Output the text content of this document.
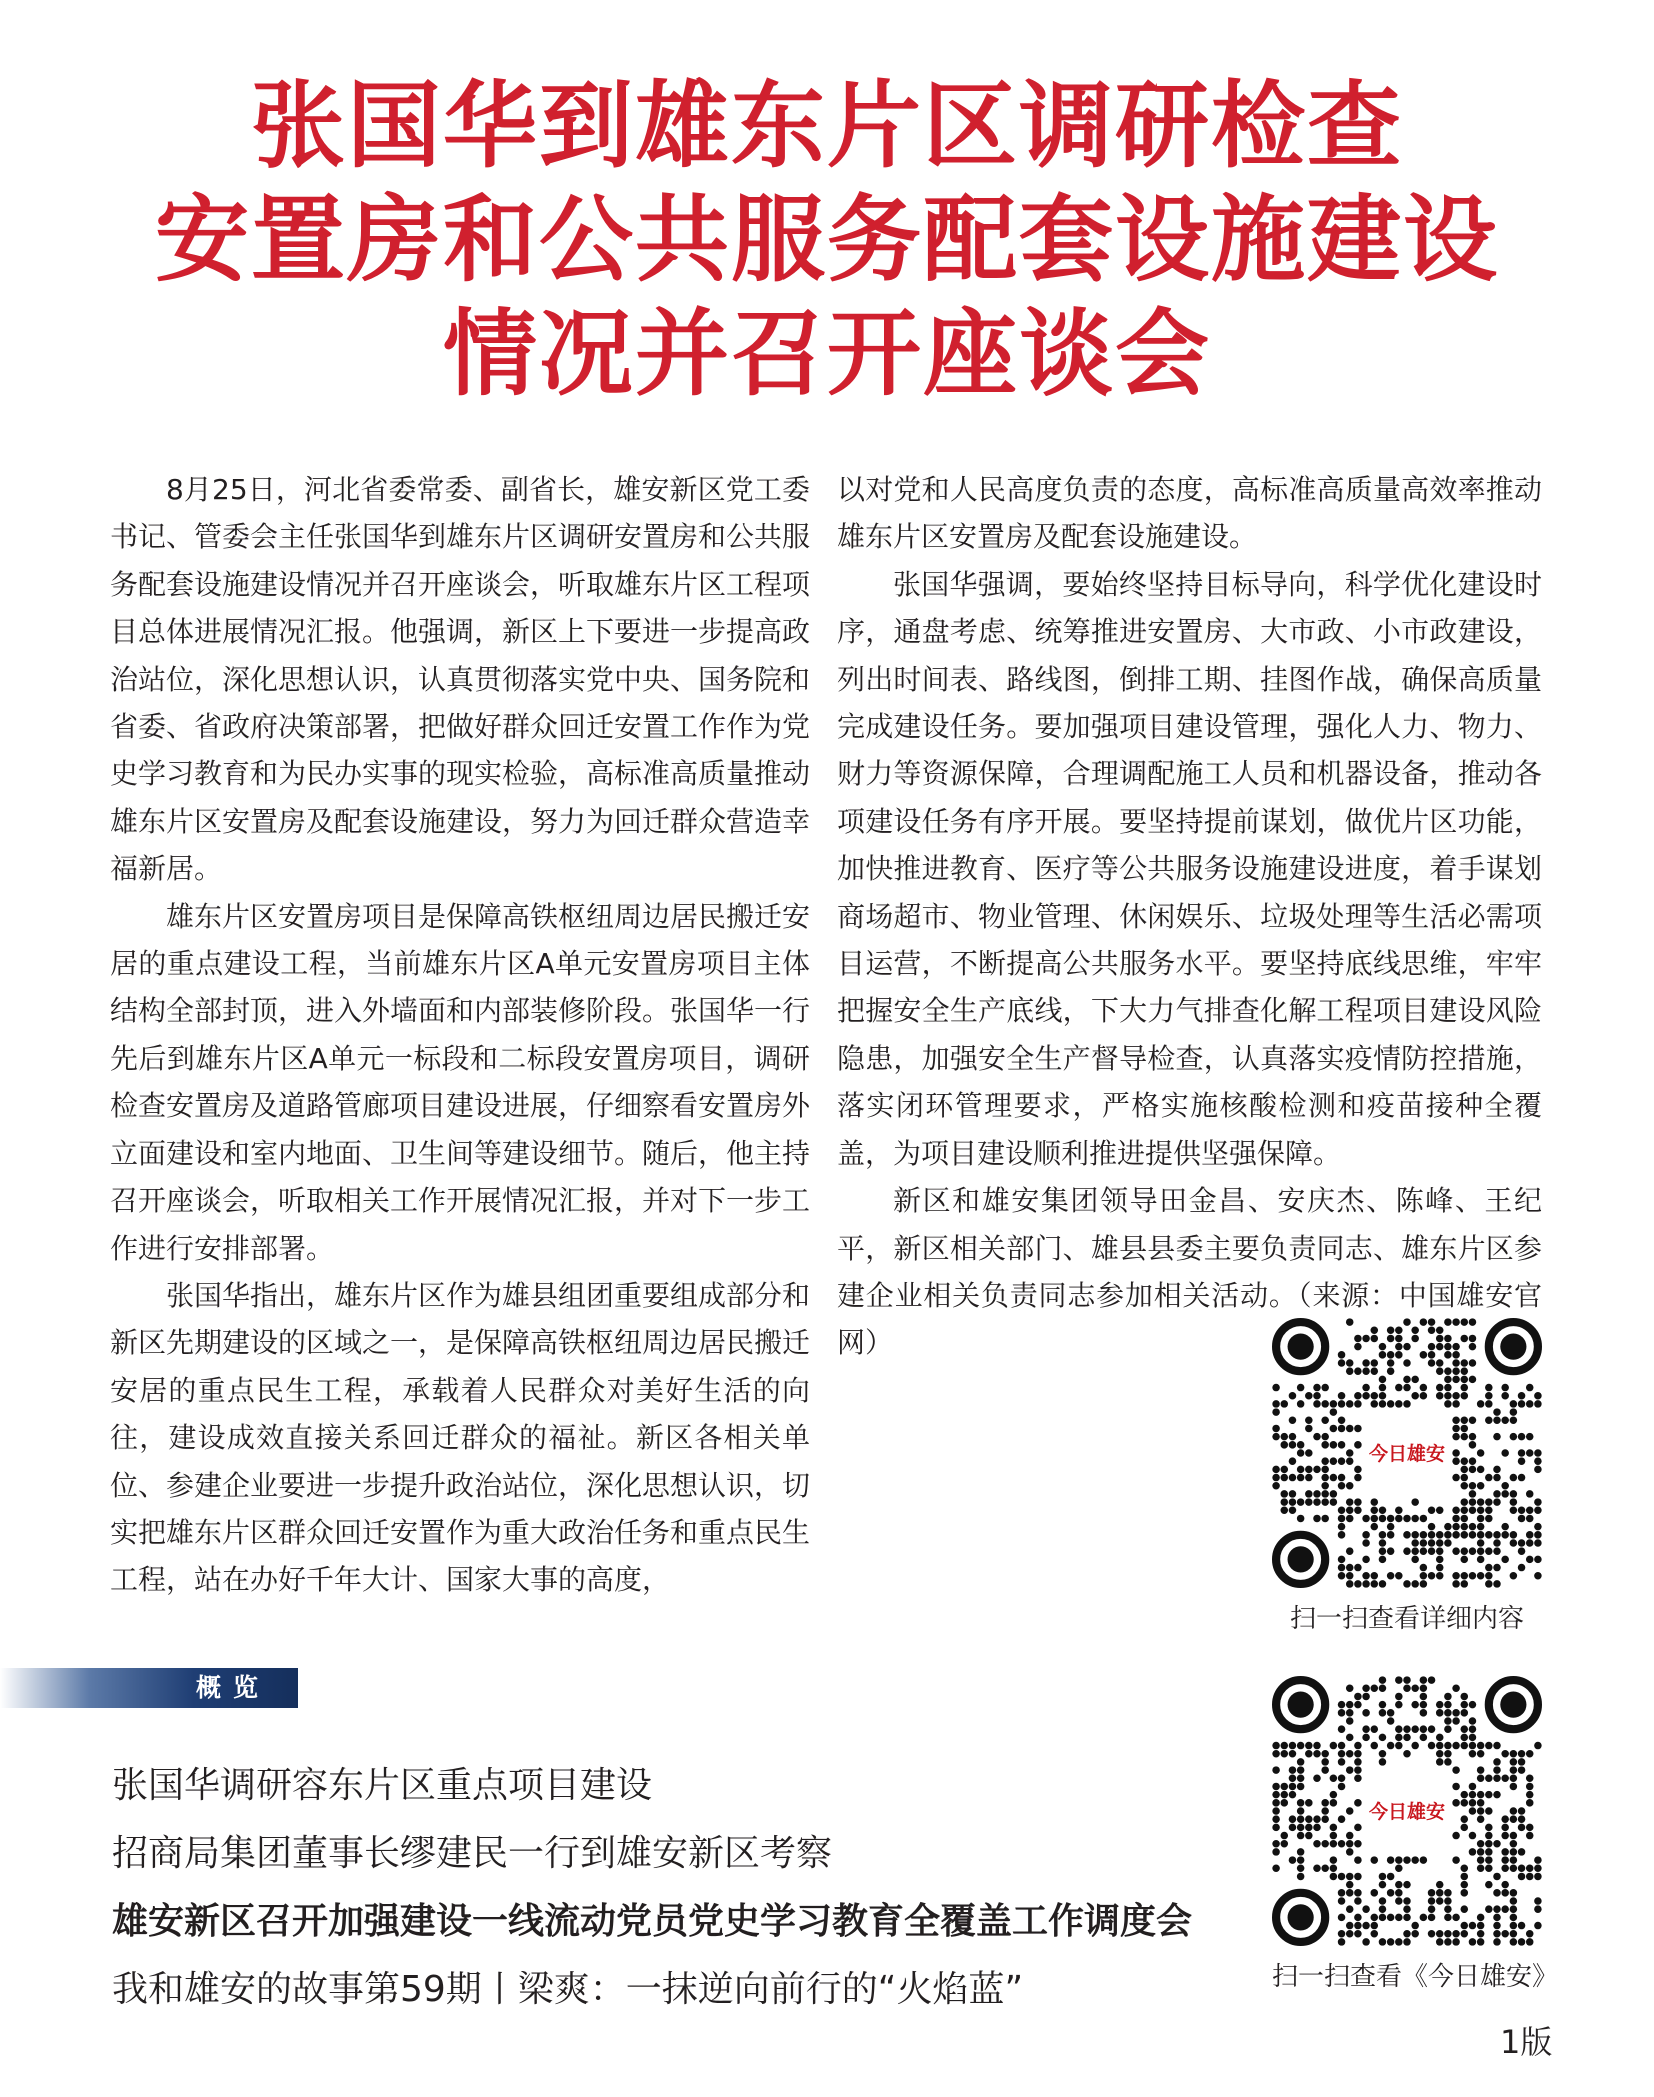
张国华到雄东片区调研检查
安置房和公共服务配套设施建设
情况并召开座谈会

8月25日，河北省委常委、副省长，雄安新区党工委书记、管委会主任张国华到雄东片区调研安置房和公共服务配套设施建设情况并召开座谈会，听取雄东片区工程项目总体进展情况汇报。他强调，新区上下要进一步提高政治站位，深化思想认识，认真贯彻落实党中央、国务院和省委、省政府决策部署，把做好群众回迁安置工作作为党史学习教育和为民办实事的现实检验，高标准高质量推动雄东片区安置房及配套设施建设，努力为回迁群众营造幸福新居。

雄东片区安置房项目是保障高铁枢纽周边居民搬迁安居的重点建设工程，当前雄东片区A单元安置房项目主体结构全部封顶，进入外墙面和内部装修阶段。张国华一行先后到雄东片区A单元一标段和二标段安置房项目，调研检查安置房及道路管廊项目建设进展，仔细察看安置房外立面建设和室内地面、卫生间等建设细节。随后，他主持召开座谈会，听取相关工作开展情况汇报，并对下一步工作进行安排部署。

张国华指出，雄东片区作为雄县组团重要组成部分和新区先期建设的区域之一，是保障高铁枢纽周边居民搬迁安居的重点民生工程，承载着人民群众对美好生活的向往，建设成效直接关系回迁群众的福祉。新区各相关单位、参建企业要进一步提升政治站位，深化思想认识，切实把雄东片区群众回迁安置作为重大政治任务和重点民生工程，站在办好千年大计、国家大事的高度，

以对党和人民高度负责的态度，高标准高质量高效率推动雄东片区安置房及配套设施建设。

张国华强调，要始终坚持目标导向，科学优化建设时序，通盘考虑、统筹推进安置房、大市政、小市政建设，列出时间表、路线图，倒排工期、挂图作战，确保高质量完成建设任务。要加强项目建设管理，强化人力、物力、财力等资源保障，合理调配施工人员和机器设备，推动各项建设任务有序开展。要坚持提前谋划，做优片区功能，加快推进教育、医疗等公共服务设施建设进度，着手谋划商场超市、物业管理、休闲娱乐、垃圾处理等生活必需项目运营，不断提高公共服务水平。要坚持底线思维，牢牢把握安全生产底线，下大力气排查化解工程项目建设风险隐患，加强安全生产督导检查，认真落实疫情防控措施，落实闭环管理要求，严格实施核酸检测和疫苗接种全覆盖，为项目建设顺利推进提供坚强保障。

新区和雄安集团领导田金昌、安庆杰、陈峰、王纪平，新区相关部门、雄县县委主要负责同志、雄东片区参建企业相关负责同志参加相关活动。（来源：中国雄安官网）

今日雄安
扫一扫查看详细内容
今日雄安
扫一扫查看《今日雄安》
概览
张国华调研容东片区重点项目建设
招商局集团董事长缪建民一行到雄安新区考察
雄安新区召开加强建设一线流动党员党史学习教育全覆盖工作调度会
我和雄安的故事第59期丨梁爽：一抹逆向前行的“火焰蓝”
1版
